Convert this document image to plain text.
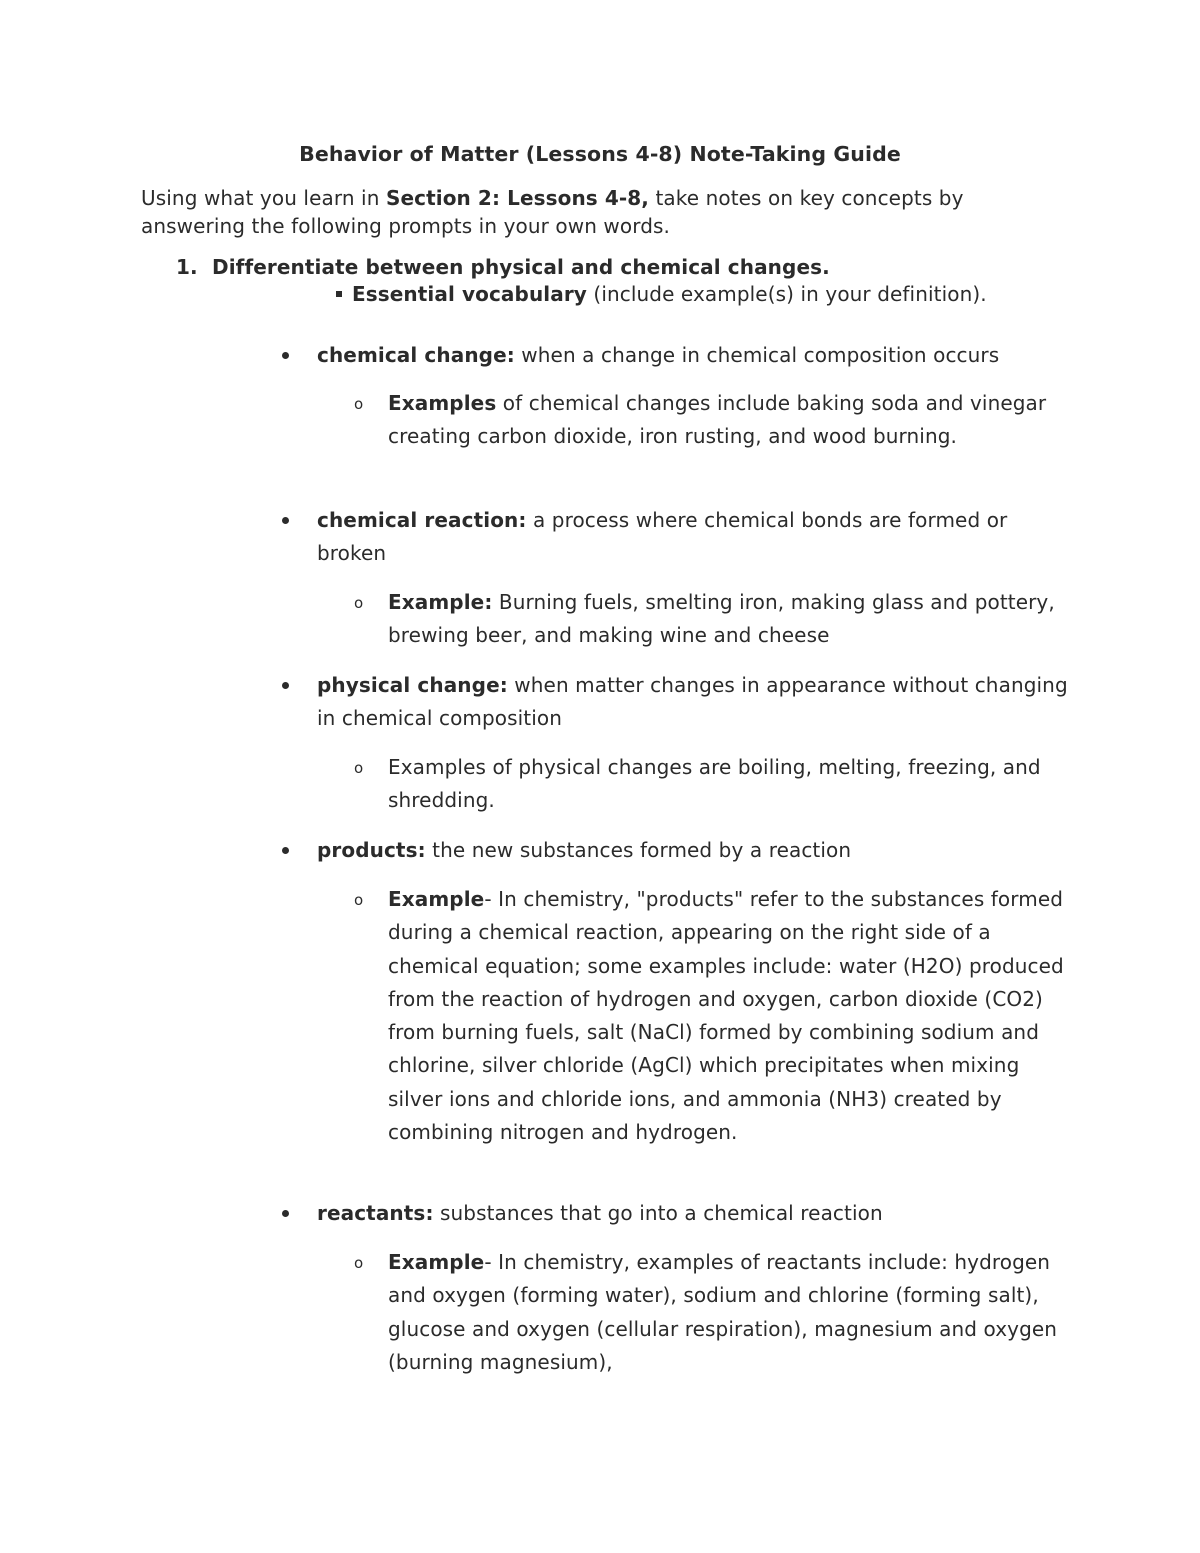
Behavior of Matter (Lessons 4-8) Note-Taking Guide
Using what you learn in Section 2: Lessons 4-8, take notes on key concepts by answering the following prompts in your own words.
1. Differentiate between physical and chemical changes.
Essential vocabulary (include example(s) in your definition).
chemical change: when a change in chemical composition occurs
o Examples of chemical changes include baking soda and vinegar creating carbon dioxide, iron rusting, and wood burning.
chemical reaction: a process where chemical bonds are formed or broken
o Example: Burning fuels, smelting iron, making glass and pottery, brewing beer, and making wine and cheese
physical change: when matter changes in appearance without changing in chemical composition
o Examples of physical changes are boiling, melting, freezing, and shredding.
products: the new substances formed by a reaction
o Example- In chemistry, "products" refer to the substances formed during a chemical reaction, appearing on the right side of a chemical equation; some examples include: water (H2O) produced from the reaction of hydrogen and oxygen, carbon dioxide (CO2) from burning fuels, salt (NaCl) formed by combining sodium and chlorine, silver chloride (AgCl) which precipitates when mixing silver ions and chloride ions, and ammonia (NH3) created by combining nitrogen and hydrogen.
reactants: substances that go into a chemical reaction
o Example- In chemistry, examples of reactants include: hydrogen and oxygen (forming water), sodium and chlorine (forming salt), glucose and oxygen (cellular respiration), magnesium and oxygen (burning magnesium),
